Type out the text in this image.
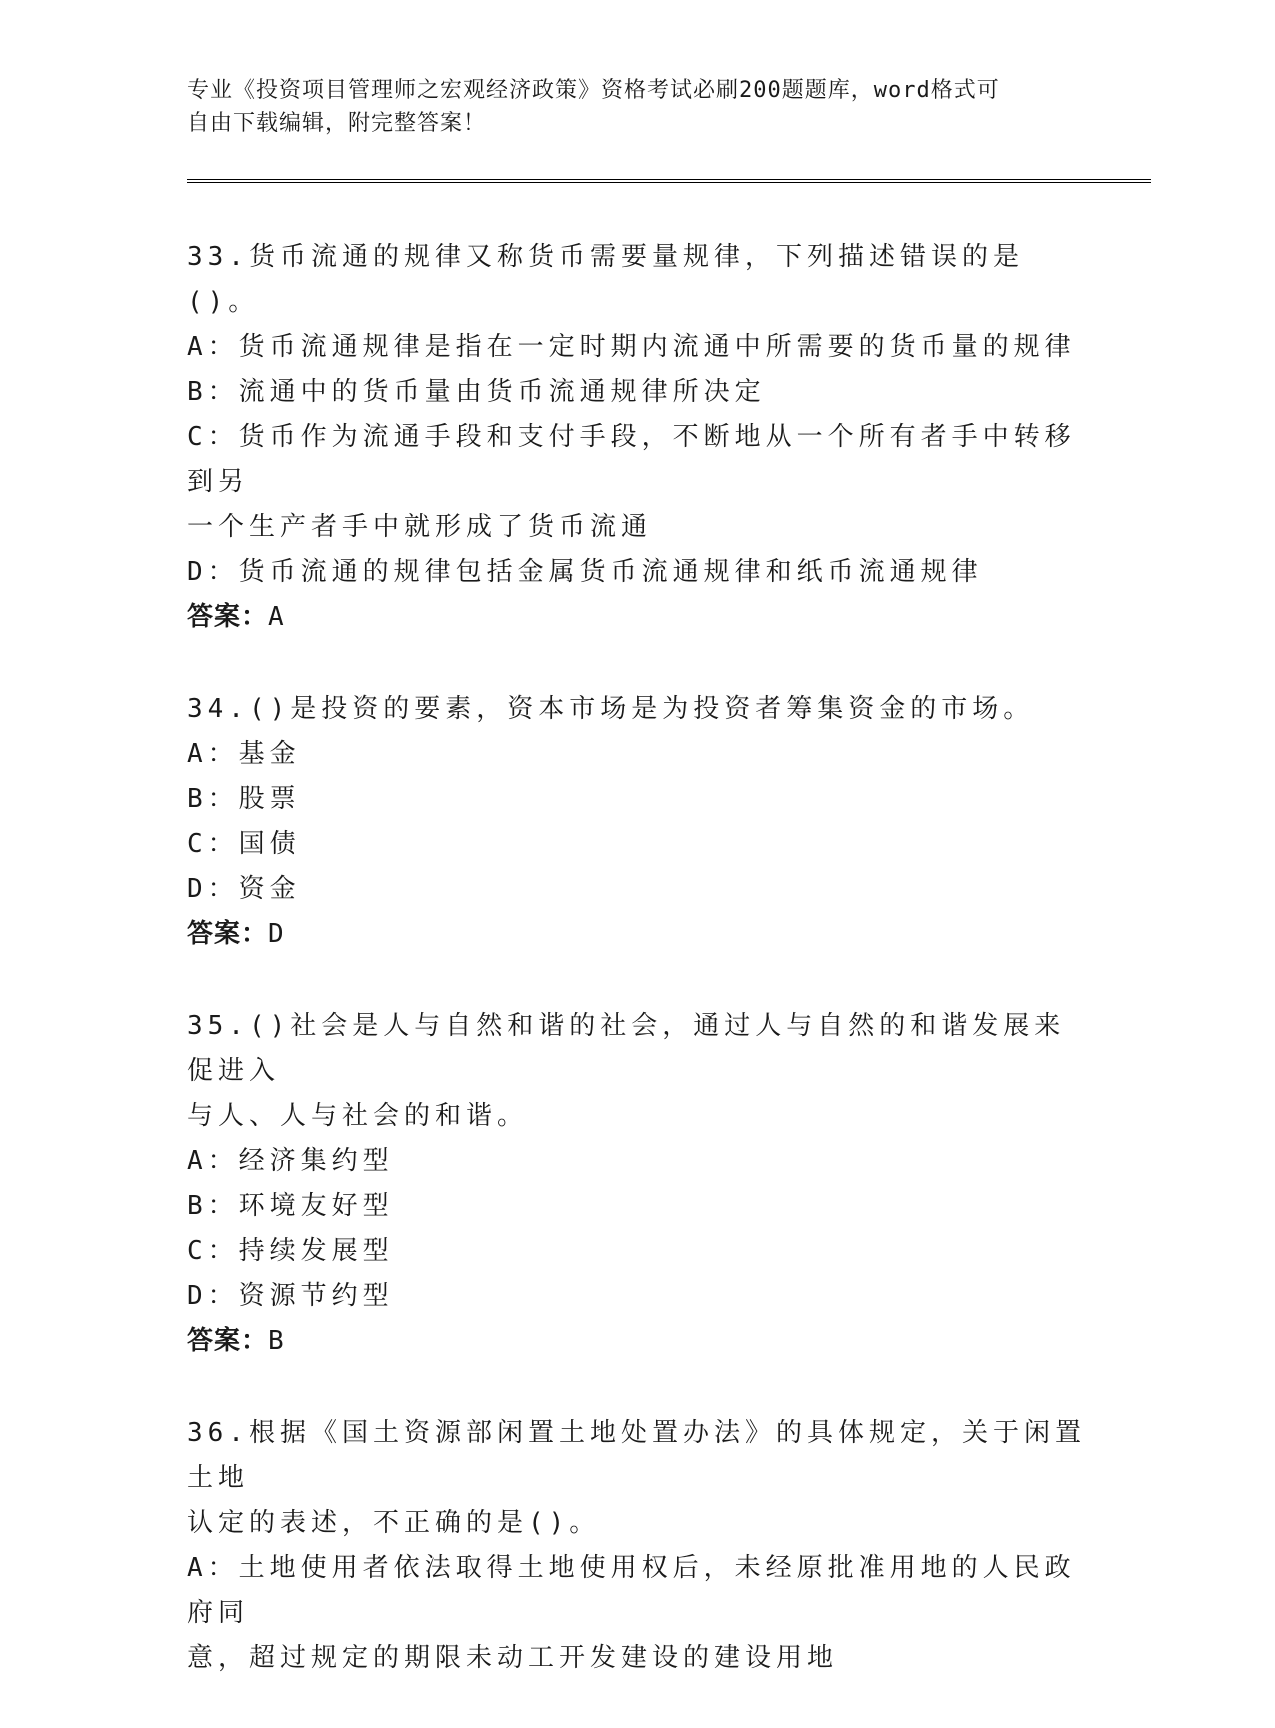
专业《投资项目管理师之宏观经济政策》资格考试必刷200题题库，word格式可
自由下载编辑，附完整答案！
33.货币流通的规律又称货币需要量规律，下列描述错误的是()。
A：货币流通规律是指在一定时期内流通中所需要的货币量的规律
B：流通中的货币量由货币流通规律所决定
C：货币作为流通手段和支付手段，不断地从一个所有者手中转移到另
一个生产者手中就形成了货币流通
D：货币流通的规律包括金属货币流通规律和纸币流通规律
答案：A
34.()是投资的要素，资本市场是为投资者筹集资金的市场。
A：基金
B：股票
C：国债
D：资金
答案：D
35.()社会是人与自然和谐的社会，通过人与自然的和谐发展来促进入
与人、人与社会的和谐。
A：经济集约型
B：环境友好型
C：持续发展型
D：资源节约型
答案：B
36.根据《国土资源部闲置土地处置办法》的具体规定，关于闲置土地
认定的表述，不正确的是()。
A：土地使用者依法取得土地使用权后，未经原批准用地的人民政府同
意，超过规定的期限未动工开发建设的建设用地
